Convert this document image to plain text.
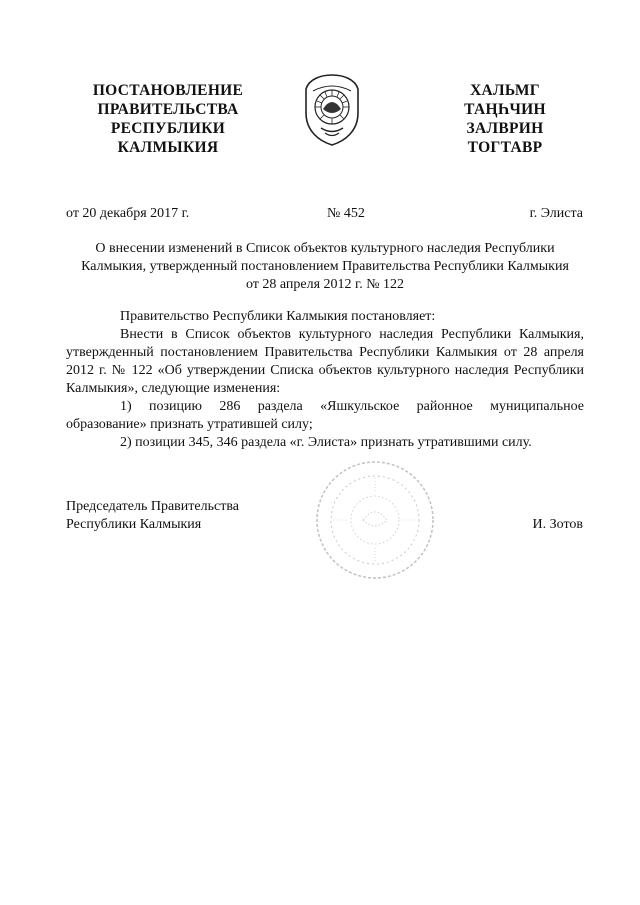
ПОСТАНОВЛЕНИЕ
ПРАВИТЕЛЬСТВА
РЕСПУБЛИКИ
КАЛМЫКИЯ
ХАЛЬМГ
ТАҢҺЧИН
ЗАЛВРИН
ТОГТАВР
от 20 декабря 2017 г.	№ 452	г. Элиста
О внесении изменений в Список объектов культурного наследия Республики
Калмыкия, утвержденный постановлением Правительства Республики Калмыкия
от 28 апреля 2012 г. № 122
Правительство Республики Калмыкия постановляет:
Внести в Список объектов культурного наследия Республики Калмыкия, утвержденный постановлением Правительства Республики Калмыкия от 28 апреля 2012 г. № 122 «Об утверждении Списка объектов культурного наследия Республики Калмыкия», следующие изменения:
1) позицию 286 раздела «Яшкульское районное муниципальное образование» признать утратившей силу;
2) позиции 345, 346 раздела «г. Элиста» признать утратившими силу.
Председатель Правительства
Республики Калмыкия	И. Зотов
